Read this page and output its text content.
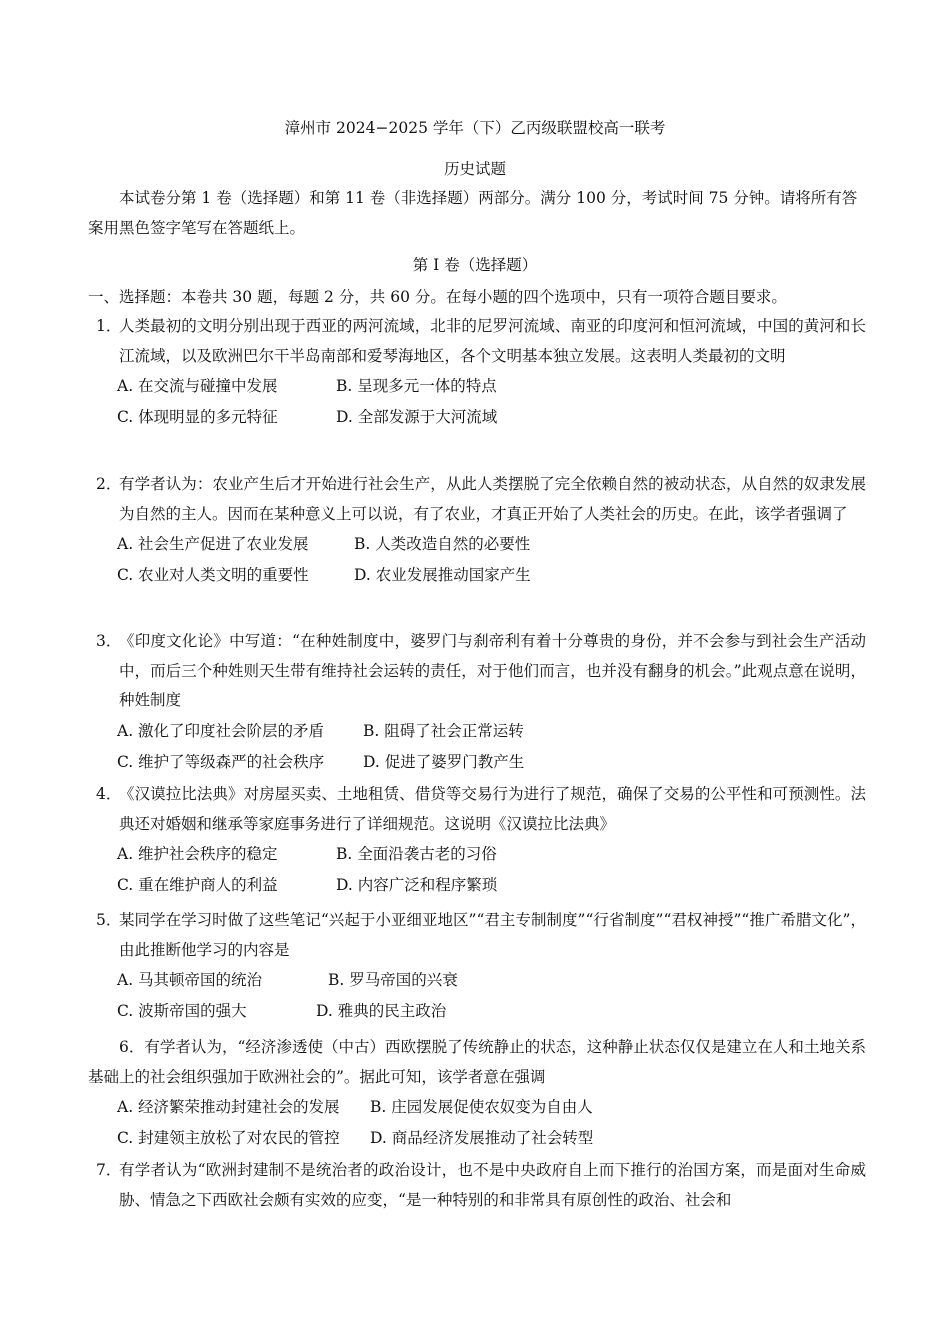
漳州市 2024−2025 学年（下）乙丙级联盟校高一联考
历史试题
本试卷分第 1 卷（选择题）和第 11 卷（非选择题）两部分。满分 100 分，考试时间 75 分钟。请将所有答案用黑色签字笔写在答题纸上。
第 I 卷（选择题）
一、选择题：本卷共 30 题，每题 2 分，共 60 分。在每小题的四个选项中，只有一项符合题目要求。
1．
人类最初的文明分别出现于西亚的两河流域，北非的尼罗河流域、南亚的印度河和恒河流域，中国的黄河和长江流域，以及欧洲巴尔干半岛南部和爱琴海地区，各个文明基本独立发展。这表明人类最初的文明
A. 在交流与碰撞中发展	B. 呈现多元一体的特点
C. 体现明显的多元特征	D. 全部发源于大河流域
2．
有学者认为：农业产生后才开始进行社会生产，从此人类摆脱了完全依赖自然的被动状态，从自然的奴隶发展为自然的主人。因而在某种意义上可以说，有了农业，才真正开始了人类社会的历史。在此，该学者强调了
A. 社会生产促进了农业发展	B. 人类改造自然的必要性
C. 农业对人类文明的重要性	D. 农业发展推动国家产生
3．
《印度文化论》中写道：“在种姓制度中，婆罗门与刹帝利有着十分尊贵的身份，并不会参与到社会生产活动中，而后三个种姓则天生带有维持社会运转的责任，对于他们而言，也并没有翻身的机会。”此观点意在说明，种姓制度
A. 激化了印度社会阶层的矛盾	B. 阻碍了社会正常运转
C. 维护了等级森严的社会秩序	D. 促进了婆罗门教产生
4．
《汉谟拉比法典》对房屋买卖、土地租赁、借贷等交易行为进行了规范，确保了交易的公平性和可预测性。法典还对婚姻和继承等家庭事务进行了详细规范。这说明《汉谟拉比法典》
A. 维护社会秩序的稳定	B. 全面沿袭古老的习俗
C. 重在维护商人的利益	D. 内容广泛和程序繁琐
5．
某同学在学习时做了这些笔记“兴起于小亚细亚地区”“君主专制制度”“行省制度”“君权神授”“推广希腊文化”，由此推断他学习的内容是
A. 马其顿帝国的统治	B. 罗马帝国的兴衰
C. 波斯帝国的强大	D. 雅典的民主政治
6．有学者认为，“经济渗透使（中古）西欧摆脱了传统静止的状态，这种静止状态仅仅是建立在人和土地关系基础上的社会组织强加于欧洲社会的”。据此可知，该学者意在强调
A. 经济繁荣推动封建社会的发展 B. 庄园发展促使农奴变为自由人
C. 封建领主放松了对农民的管控 D. 商品经济发展推动了社会转型
7．
有学者认为“欧洲封建制不是统治者的政治设计，也不是中央政府自上而下推行的治国方案，而是面对生命威胁、情急之下西欧社会颇有实效的应变，“是一种特别的和非常具有原创性的政治、社会和
